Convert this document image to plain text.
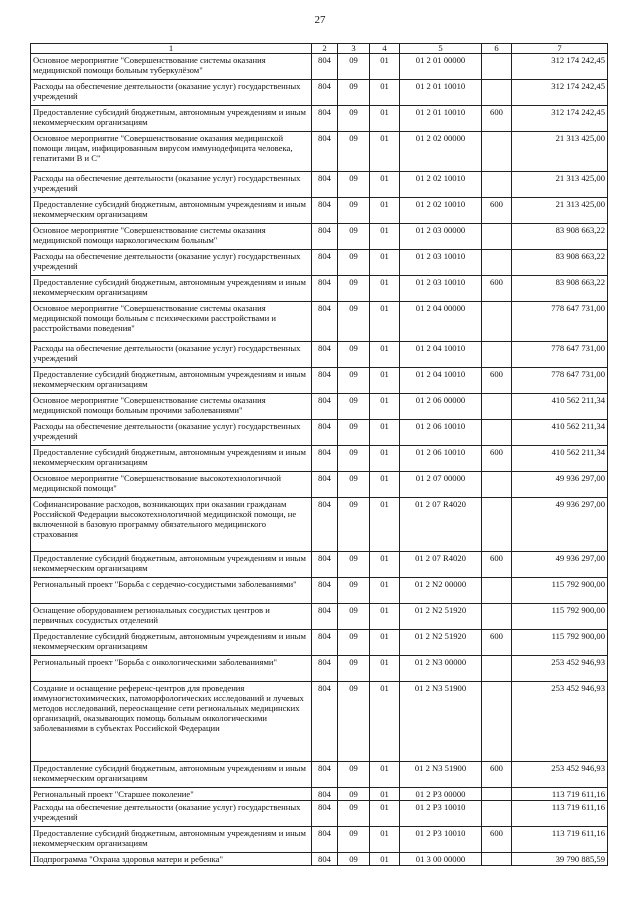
27
1	2	3	4	5	6	7
Основное мероприятие "Совершенствование системы оказания медицинской помощи больным туберкулёзом"	804	09	01	01 2 01 00000		312 174 242,45
Расходы на обеспечение деятельности (оказание услуг) государственных учреждений	804	09	01	01 2 01 10010		312 174 242,45
Предоставление субсидий бюджетным, автономным учреждениям и иным некоммерческим организациям	804	09	01	01 2 01 10010	600	312 174 242,45
Основное мероприятие "Совершенствование оказания медицинской помощи лицам, инфицированным вирусом иммунодефицита человека, гепатитами В и С"	804	09	01	01 2 02 00000		21 313 425,00
Расходы на обеспечение деятельности (оказание услуг) государственных учреждений	804	09	01	01 2 02 10010		21 313 425,00
Предоставление субсидий бюджетным, автономным учреждениям и иным некоммерческим организациям	804	09	01	01 2 02 10010	600	21 313 425,00
Основное мероприятие "Совершенствование системы оказания медицинской помощи наркологическим больным"	804	09	01	01 2 03 00000		83 908 663,22
Расходы на обеспечение деятельности (оказание услуг) государственных учреждений	804	09	01	01 2 03 10010		83 908 663,22
Предоставление субсидий бюджетным, автономным учреждениям и иным некоммерческим организациям	804	09	01	01 2 03 10010	600	83 908 663,22
Основное мероприятие "Совершенствование системы оказания медицинской помощи больным с психическими расстройствами и расстройствами поведения"	804	09	01	01 2 04 00000		778 647 731,00
Расходы на обеспечение деятельности (оказание услуг) государственных учреждений	804	09	01	01 2 04 10010		778 647 731,00
Предоставление субсидий бюджетным, автономным учреждениям и иным некоммерческим организациям	804	09	01	01 2 04 10010	600	778 647 731,00
Основное мероприятие "Совершенствование системы оказания медицинской помощи больным прочими заболеваниями"	804	09	01	01 2 06 00000		410 562 211,34
Расходы на обеспечение деятельности (оказание услуг) государственных учреждений	804	09	01	01 2 06 10010		410 562 211,34
Предоставление субсидий бюджетным, автономным учреждениям и иным некоммерческим организациям	804	09	01	01 2 06 10010	600	410 562 211,34
Основное мероприятие "Совершенствование высокотехнологичной медицинской помощи"	804	09	01	01 2 07 00000		49 936 297,00
Софинансирование расходов, возникающих при оказании гражданам Российской Федерации высокотехнологичной медицинской помощи, не включенной в базовую программу обязательного медицинского страхования	804	09	01	01 2 07 R4020		49 936 297,00
Предоставление субсидий бюджетным, автономным учреждениям и иным некоммерческим организациям	804	09	01	01 2 07 R4020	600	49 936 297,00
Региональный проект "Борьба с сердечно-сосудистыми заболеваниями"	804	09	01	01 2 N2 00000		115 792 900,00
Оснащение оборудованием региональных сосудистых центров и первичных сосудистых отделений	804	09	01	01 2 N2 51920		115 792 900,00
Предоставление субсидий бюджетным, автономным учреждениям и иным некоммерческим организациям	804	09	01	01 2 N2 51920	600	115 792 900,00
Региональный проект "Борьба с онкологическими заболеваниями"	804	09	01	01 2 N3 00000		253 452 946,93
Создание и оснащение референс-центров для проведения иммуногистохимических, патоморфологических исследований и лучевых методов исследований, переоснащение сети региональных медицинских организаций, оказывающих помощь больным онкологическими заболеваниями в субъектах Российской Федерации	804	09	01	01 2 N3 51900		253 452 946,93
Предоставление субсидий бюджетным, автономным учреждениям и иным некоммерческим организациям	804	09	01	01 2 N3 51900	600	253 452 946,93
Региональный проект "Старшее поколение"	804	09	01	01 2 P3 00000		113 719 611,16
Расходы на обеспечение деятельности (оказание услуг) государственных учреждений	804	09	01	01 2 P3 10010		113 719 611,16
Предоставление субсидий бюджетным, автономным учреждениям и иным некоммерческим организациям	804	09	01	01 2 P3 10010	600	113 719 611,16
Подпрограмма "Охрана здоровья матери и ребенка"	804	09	01	01 3 00 00000		39 790 885,59
